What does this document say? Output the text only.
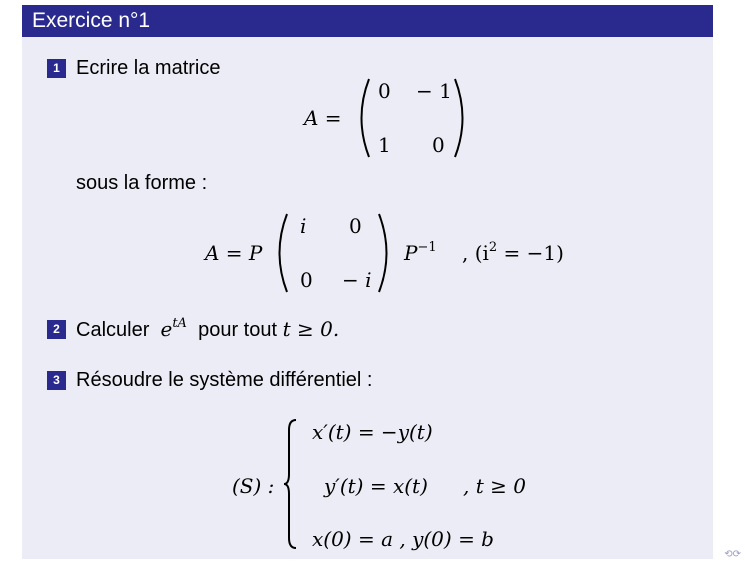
Exercice n°1
1 Ecrire la matrice
A =
0 − 1
1 0
sous la forme :
A = P
i 0
0 − i
$P^{-1}$ , $(i^2 = -1)$
2 Calculer $e^{tA}$ pour tout t ≥ 0.
3 Résoudre le système différentiel :
(S) :
x′(t) = −y(t)
y′(t) = x(t) , t ≥ 0
x(0) = a , y(0) = b
⟲⟳
